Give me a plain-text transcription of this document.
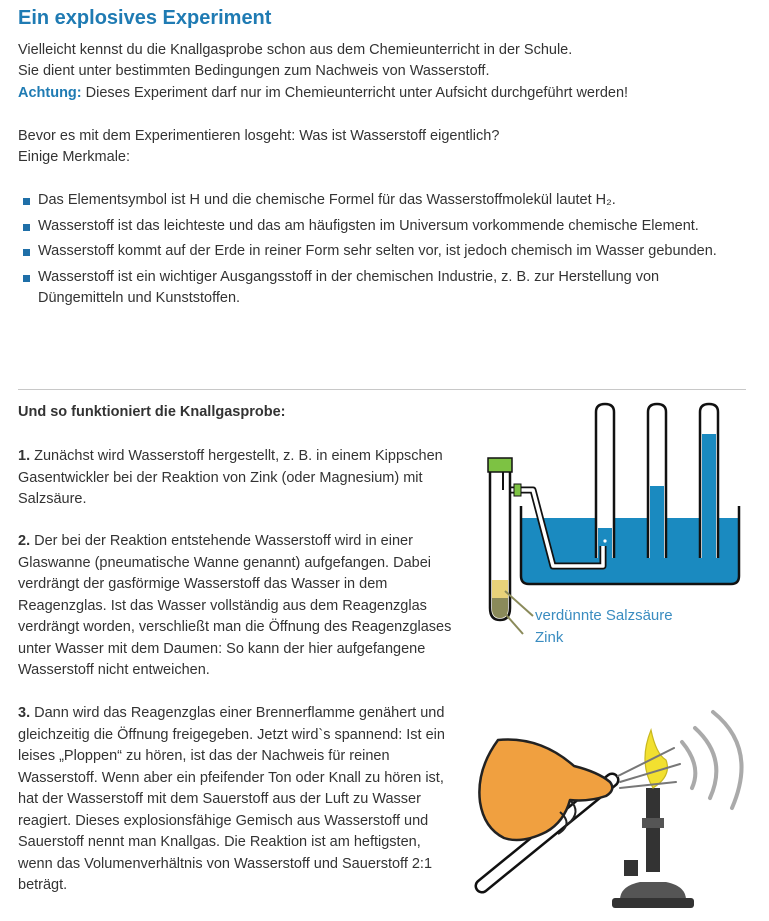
Ein explosives Experiment

Vielleicht kennst du die Knallgasprobe schon aus dem Chemieunterricht in der Schule.

Sie dient unter bestimmten Bedingungen zum Nachweis von Wasserstoff.

Achtung: Dieses Experiment darf nur im Chemieunterricht unter Aufsicht durchgeführt werden!

Bevor es mit dem Experimentieren losgeht: Was ist Wasserstoff eigentlich?

Einige Merkmale:

Das Elementsymbol ist H und die chemische Formel für das Wasserstoffmolekül lautet H₂.
Wasserstoff ist das leichteste und das am häufigsten im Universum vorkommende chemische Element.
Wasserstoff kommt auf der Erde in reiner Form sehr selten vor, ist jedoch chemisch im Wasser gebunden.
Wasserstoff ist ein wichtiger Ausgangsstoff in der chemischen Industrie, z. B. zur Herstellung von Düngemitteln und Kunststoffen.
Und so funktioniert die Knallgasprobe:

1. Zunächst wird Wasserstoff hergestellt, z. B. in einem Kippschen Gasentwickler bei der Reaktion von Zink (oder Magnesium) mit Salzsäure.

2. Der bei der Reaktion entstehende Wasserstoff wird in einer Glaswanne (pneumatische Wanne genannt) aufgefangen. Dabei verdrängt der gasförmige Wasserstoff das Wasser in dem Reagenzglas. Ist das Wasser vollständig aus dem Reagenzglas verdrängt worden, verschließt man die Öffnung des Reagenzglases unter Wasser mit dem Daumen: So kann der hier aufgefangene Wasserstoff nicht entweichen.

3. Dann wird das Reagenzglas einer Brennerflamme genähert und gleichzeitig die Öffnung freigegeben. Jetzt wird`s spannend: Ist ein leises „Ploppen“ zu hören, ist das der Nachweis für reinen Wasserstoff. Wenn aber ein pfeifender Ton oder Knall zu hören ist, hat der Wasserstoff mit dem Sauerstoff aus der Luft zu Wasser reagiert. Dieses explosionsfähige Gemisch aus Wasserstoff und Sauerstoff nennt man Knallgas. Die Reaktion ist am heftigsten, wenn das Volumenverhältnis von Wasserstoff und Sauerstoff 2:1 beträgt.

verdünnte Salzsäure
Zink
